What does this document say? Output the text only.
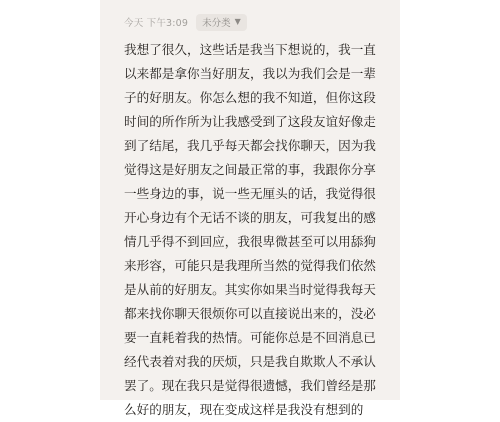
今天 下午3:09 未分类 ▼
我想了很久，这些话是我当下想说的，我一直
以来都是拿你当好朋友，我以为我们会是一辈
子的好朋友。你怎么想的我不知道，但你这段
时间的所作所为让我感受到了这段友谊好像走
到了结尾，我几乎每天都会找你聊天，因为我
觉得这是好朋友之间最正常的事，我跟你分享
一些身边的事，说一些无厘头的话，我觉得很
开心身边有个无话不谈的朋友，可我复出的感
情几乎得不到回应，我很卑微甚至可以用舔狗
来形容，可能只是我理所当然的觉得我们依然
是从前的好朋友。其实你如果当时觉得我每天
都来找你聊天很烦你可以直接说出来的，没必
要一直耗着我的热情。可能你总是不回消息已
经代表着对我的厌烦，只是我自欺欺人不承认
罢了。现在我只是觉得很遗憾，我们曾经是那
么好的朋友，现在变成这样是我没有想到的
